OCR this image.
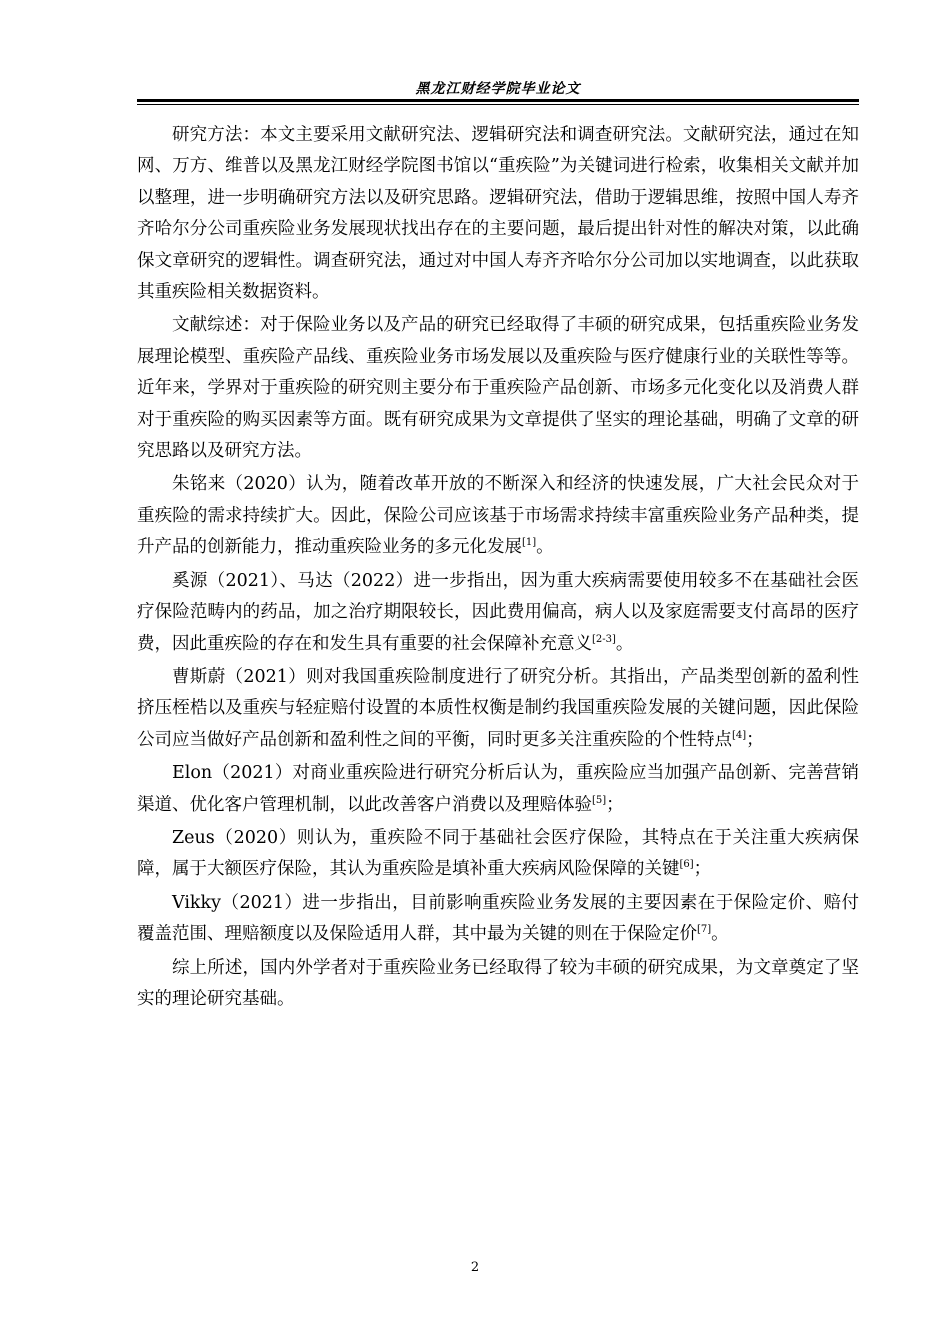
黑龙江财经学院毕业论文

研究方法：本文主要采用文献研究法、逻辑研究法和调查研究法。文献研究法，通过在知网、万方、维普以及黑龙江财经学院图书馆以“重疾险”为关键词进行检索，收集相关文献并加以整理，进一步明确研究方法以及研究思路。逻辑研究法，借助于逻辑思维，按照中国人寿齐齐哈尔分公司重疾险业务发展现状找出存在的主要问题，最后提出针对性的解决对策，以此确保文章研究的逻辑性。调查研究法，通过对中国人寿齐齐哈尔分公司加以实地调查，以此获取其重疾险相关数据资料。

文献综述：对于保险业务以及产品的研究已经取得了丰硕的研究成果，包括重疾险业务发展理论模型、重疾险产品线、重疾险业务市场发展以及重疾险与医疗健康行业的关联性等等。近年来，学界对于重疾险的研究则主要分布于重疾险产品创新、市场多元化变化以及消费人群对于重疾险的购买因素等方面。既有研究成果为文章提供了坚实的理论基础，明确了文章的研究思路以及研究方法。

朱铭来（2020）认为，随着改革开放的不断深入和经济的快速发展，广大社会民众对于重疾险的需求持续扩大。因此，保险公司应该基于市场需求持续丰富重疾险业务产品种类，提升产品的创新能力，推动重疾险业务的多元化发展[1]。

奚源（2021）、马达（2022）进一步指出，因为重大疾病需要使用较多不在基础社会医疗保险范畴内的药品，加之治疗期限较长，因此费用偏高，病人以及家庭需要支付高昂的医疗费，因此重疾险的存在和发生具有重要的社会保障补充意义[2-3]。

曹斯蔚（2021）则对我国重疾险制度进行了研究分析。其指出，产品类型创新的盈利性挤压桎梏以及重疾与轻症赔付设置的本质性权衡是制约我国重疾险发展的关键问题，因此保险公司应当做好产品创新和盈利性之间的平衡，同时更多关注重疾险的个性特点[4]；

Elon（2021）对商业重疾险进行研究分析后认为，重疾险应当加强产品创新、完善营销渠道、优化客户管理机制，以此改善客户消费以及理赔体验[5]；

Zeus（2020）则认为，重疾险不同于基础社会医疗保险，其特点在于关注重大疾病保障，属于大额医疗保险，其认为重疾险是填补重大疾病风险保障的关键[6]；

Vikky（2021）进一步指出，目前影响重疾险业务发展的主要因素在于保险定价、赔付覆盖范围、理赔额度以及保险适用人群，其中最为关键的则在于保险定价[7]。

综上所述，国内外学者对于重疾险业务已经取得了较为丰硕的研究成果，为文章奠定了坚实的理论研究基础。

2
